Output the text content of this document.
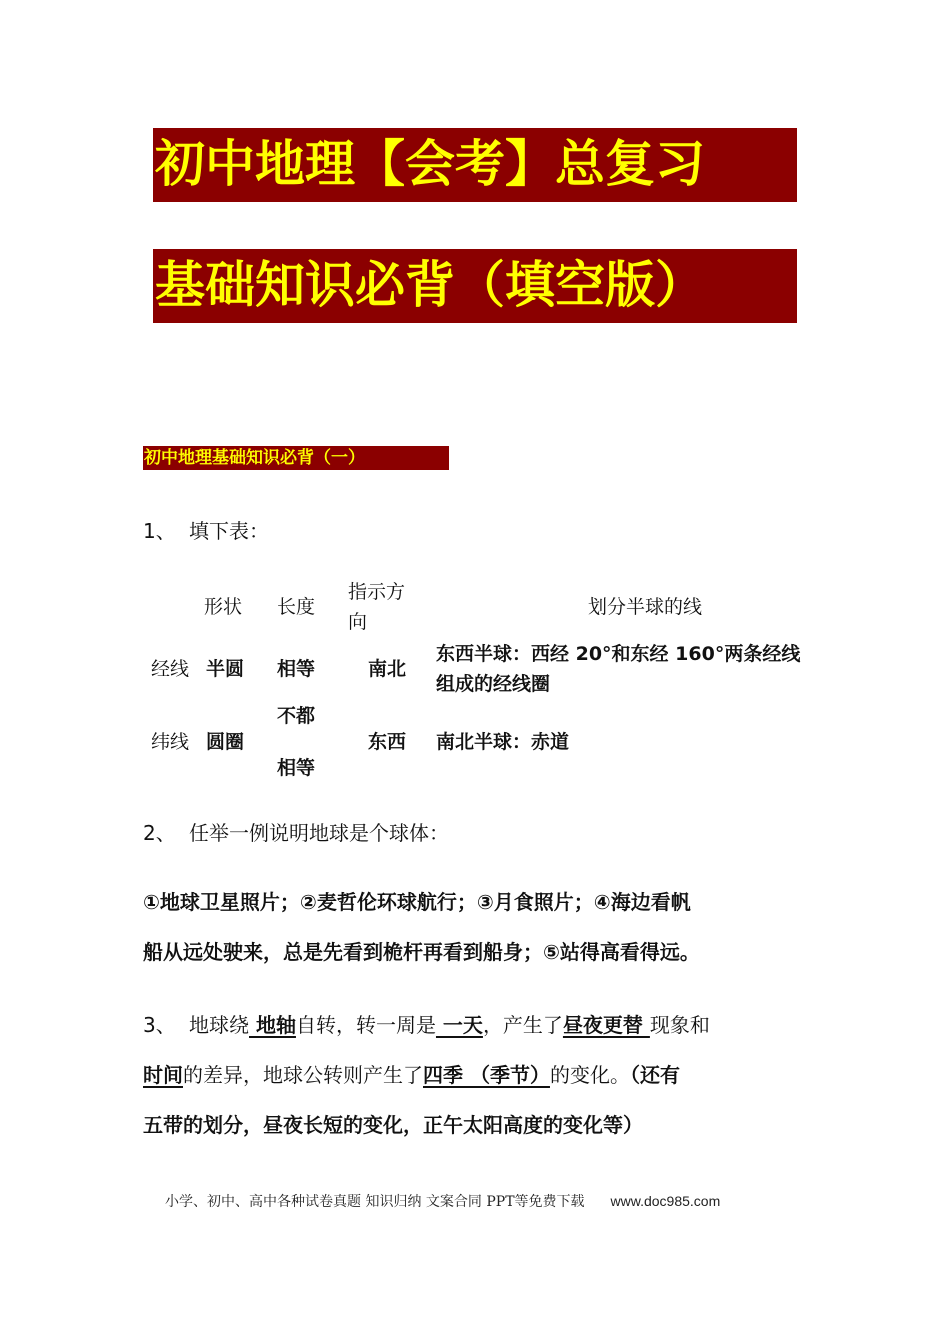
初中地理【会考】总复习
基础知识必背（填空版）
初中地理基础知识必背（一）
1、 填下表：
形状 长度
指示方
向
划分半球的线
经线 半圆 相等	南北
东西半球：西经 20°和东经 160°两条经线
组成的经线圈
纬线 圆圈
不都
相等
东西 南北半球：赤道
2、 任举一例说明地球是个球体：
①地球卫星照片；②麦哲伦环球航行；③月食照片；④海边看帆
船从远处驶来，总是先看到桅杆再看到船身；⑤站得高看得远。
3、 地球绕 地轴自转，转一周是 一天，产生了昼夜更替 现象和
时间的差异，地球公转则产生了四季 （季节）的变化。（还有
五带的划分，昼夜长短的变化，正午太阳高度的变化等）
小学、初中、高中各种试卷真题 知识归纳 文案合同 PPT等免费下载 www.doc985.com
